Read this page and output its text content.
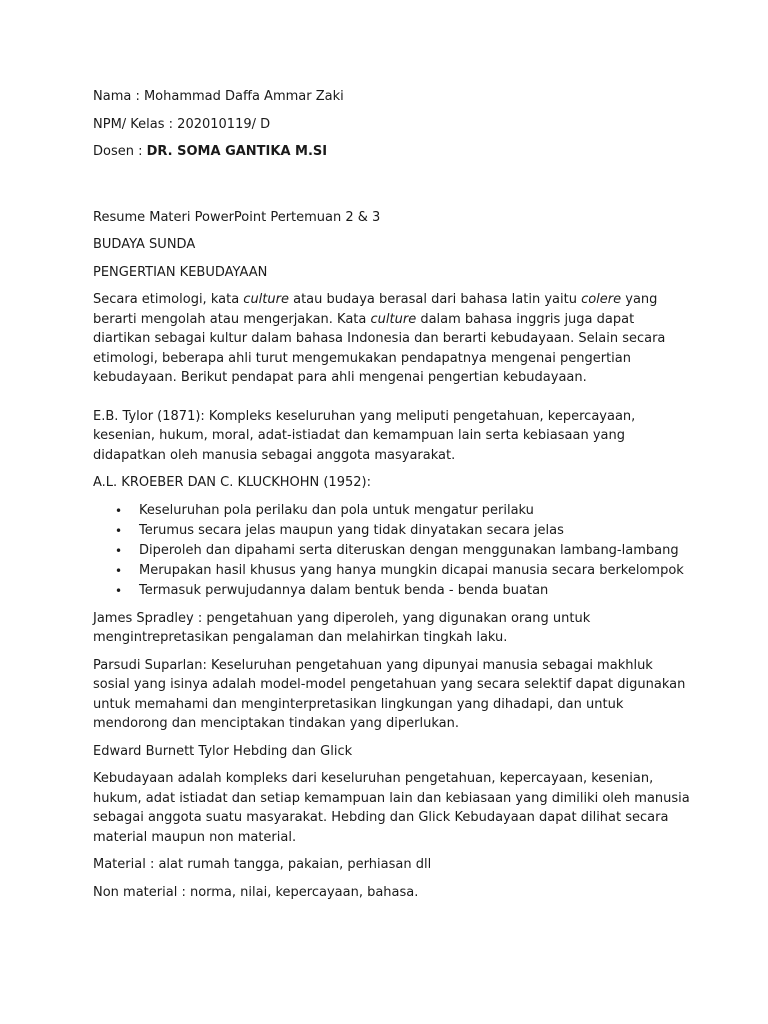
Nama : Mohammad Daffa Ammar Zaki

NPM/ Kelas : 202010119/ D

Dosen : DR. SOMA GANTIKA M.SI

Resume Materi PowerPoint Pertemuan 2 & 3

BUDAYA SUNDA

PENGERTIAN KEBUDAYAAN

Secara etimologi, kata culture atau budaya berasal dari bahasa latin yaitu colere yang berarti mengolah atau mengerjakan. Kata culture dalam bahasa inggris juga dapat diartikan sebagai kultur dalam bahasa Indonesia dan berarti kebudayaan. Selain secara etimologi, beberapa ahli turut mengemukakan pendapatnya mengenai pengertian kebudayaan. Berikut pendapat para ahli mengenai pengertian kebudayaan.

E.B. Tylor (1871): Kompleks keseluruhan yang meliputi pengetahuan, kepercayaan, kesenian, hukum, moral, adat-istiadat dan kemampuan lain serta kebiasaan yang didapatkan oleh manusia sebagai anggota masyarakat.

A.L. KROEBER DAN C. KLUCKHOHN (1952):

• Keseluruhan pola perilaku dan pola untuk mengatur perilaku
• Terumus secara jelas maupun yang tidak dinyatakan secara jelas
• Diperoleh dan dipahami serta diteruskan dengan menggunakan lambang-lambang
• Merupakan hasil khusus yang hanya mungkin dicapai manusia secara berkelompok
• Termasuk perwujudannya dalam bentuk benda - benda buatan

James Spradley : pengetahuan yang diperoleh, yang digunakan orang untuk mengintrepretasikan pengalaman dan melahirkan tingkah laku.

Parsudi Suparlan: Keseluruhan pengetahuan yang dipunyai manusia sebagai makhluk sosial yang isinya adalah model-model pengetahuan yang secara selektif dapat digunakan untuk memahami dan menginterpretasikan lingkungan yang dihadapi, dan untuk mendorong dan menciptakan tindakan yang diperlukan.

Edward Burnett Tylor Hebding dan Glick

Kebudayaan adalah kompleks dari keseluruhan pengetahuan, kepercayaan, kesenian, hukum, adat istiadat dan setiap kemampuan lain dan kebiasaan yang dimiliki oleh manusia sebagai anggota suatu masyarakat. Hebding dan Glick Kebudayaan dapat dilihat secara material maupun non material.

Material : alat rumah tangga, pakaian, perhiasan dll

Non material : norma, nilai, kepercayaan, bahasa.
